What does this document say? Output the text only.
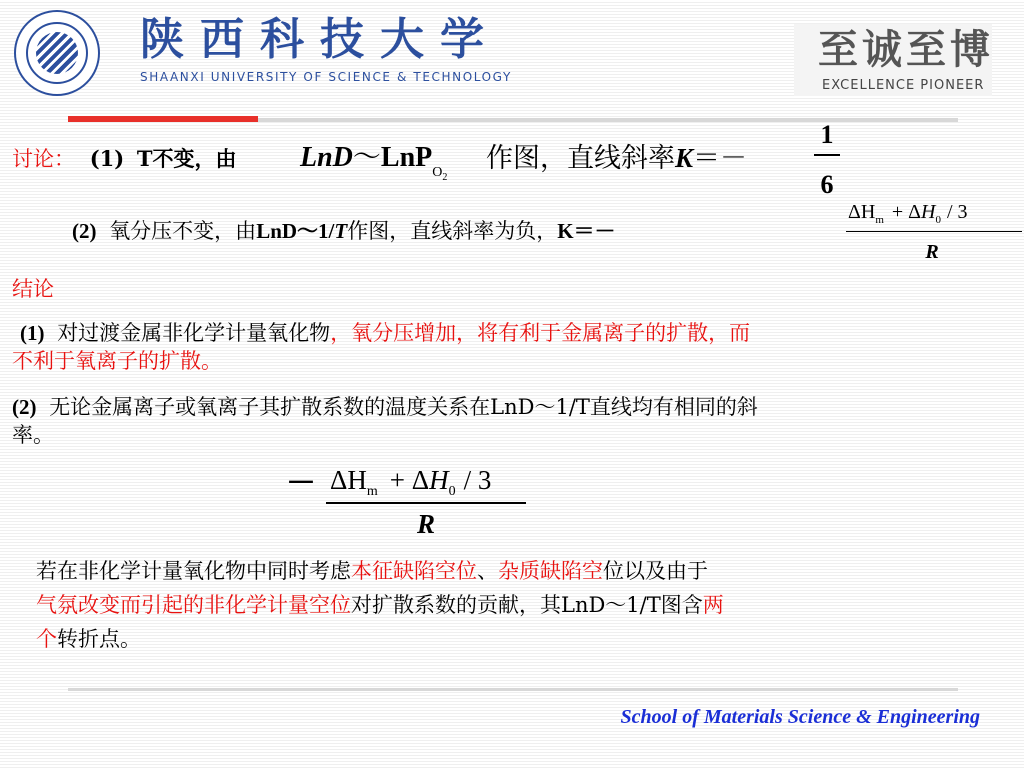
陕西科技大学
SHAANXI UNIVERSITY OF SCIENCE & TECHNOLOGY
至诚至博
EXCELLENCE PIONEER
讨论： (1) T不变，由 LnD～LnP$_{O2}$
作图，直线斜率K＝－
1
6
(2) 氧分压不变，由LnD～1/T作图，直线斜率为负，K＝－
$\Delta H_m + \Delta H_0 / 3$
R
结论
(1) 对过渡金属非化学计量氧化物，氧分压增加，将有利于金属离子的扩散，而
不利于氧离子的扩散。
(2) 无论金属离子或氧离子其扩散系数的温度关系在LnD～1/T直线均有相同的斜
率。
－ $\Delta H_m + \Delta H_0 / 3$
R
若在非化学计量氧化物中同时考虑本征缺陷空位、杂质缺陷空位以及由于
气氛改变而引起的非化学计量空位对扩散系数的贡献，其LnD～1/T图含两
个转折点。
School of Materials Science & Engineering
